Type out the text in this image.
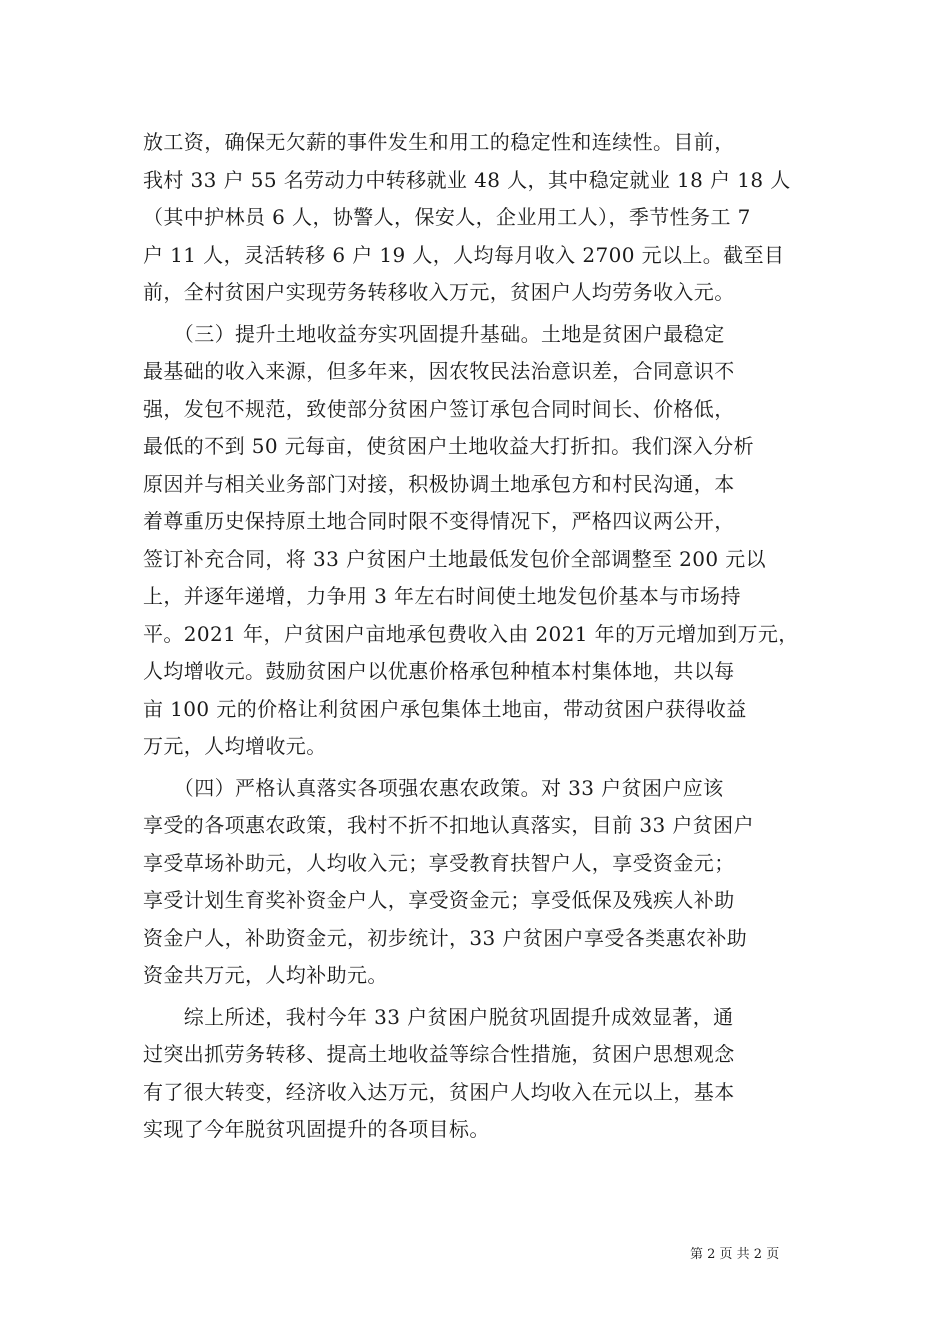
放工资，确保无欠薪的事件发生和用工的稳定性和连续性。目前，
我村 33 户 55 名劳动力中转移就业 48 人，其中稳定就业 18 户 18 人
（其中护林员 6 人，协警人，保安人，企业用工人），季节性务工 7
户 11 人，灵活转移 6 户 19 人，人均每月收入 2700 元以上。截至目
前，全村贫困户实现劳务转移收入万元，贫困户人均劳务收入元。

　　（三）提升土地收益夯实巩固提升基础。土地是贫困户最稳定
最基础的收入来源，但多年来，因农牧民法治意识差，合同意识不
强，发包不规范，致使部分贫困户签订承包合同时间长、价格低，
最低的不到 50 元每亩，使贫困户土地收益大打折扣。我们深入分析
原因并与相关业务部门对接，积极协调土地承包方和村民沟通，本
着尊重历史保持原土地合同时限不变得情况下，严格四议两公开，
签订补充合同，将 33 户贫困户土地最低发包价全部调整至 200 元以
上，并逐年递增，力争用 3 年左右时间使土地发包价基本与市场持
平。2021 年，户贫困户亩地承包费收入由 2021 年的万元增加到万元，
人均增收元。鼓励贫困户以优惠价格承包种植本村集体地，共以每
亩 100 元的价格让利贫困户承包集体土地亩，带动贫困户获得收益
万元，人均增收元。

　　（四）严格认真落实各项强农惠农政策。对 33 户贫困户应该
享受的各项惠农政策，我村不折不扣地认真落实，目前 33 户贫困户
享受草场补助元，人均收入元；享受教育扶智户人，享受资金元；
享受计划生育奖补资金户人，享受资金元；享受低保及残疾人补助
资金户人，补助资金元，初步统计，33 户贫困户享受各类惠农补助
资金共万元，人均补助元。

　　综上所述，我村今年 33 户贫困户脱贫巩固提升成效显著，通
过突出抓劳务转移、提高土地收益等综合性措施，贫困户思想观念
有了很大转变，经济收入达万元，贫困户人均收入在元以上，基本
实现了今年脱贫巩固提升的各项目标。

第 2 页 共 2 页
